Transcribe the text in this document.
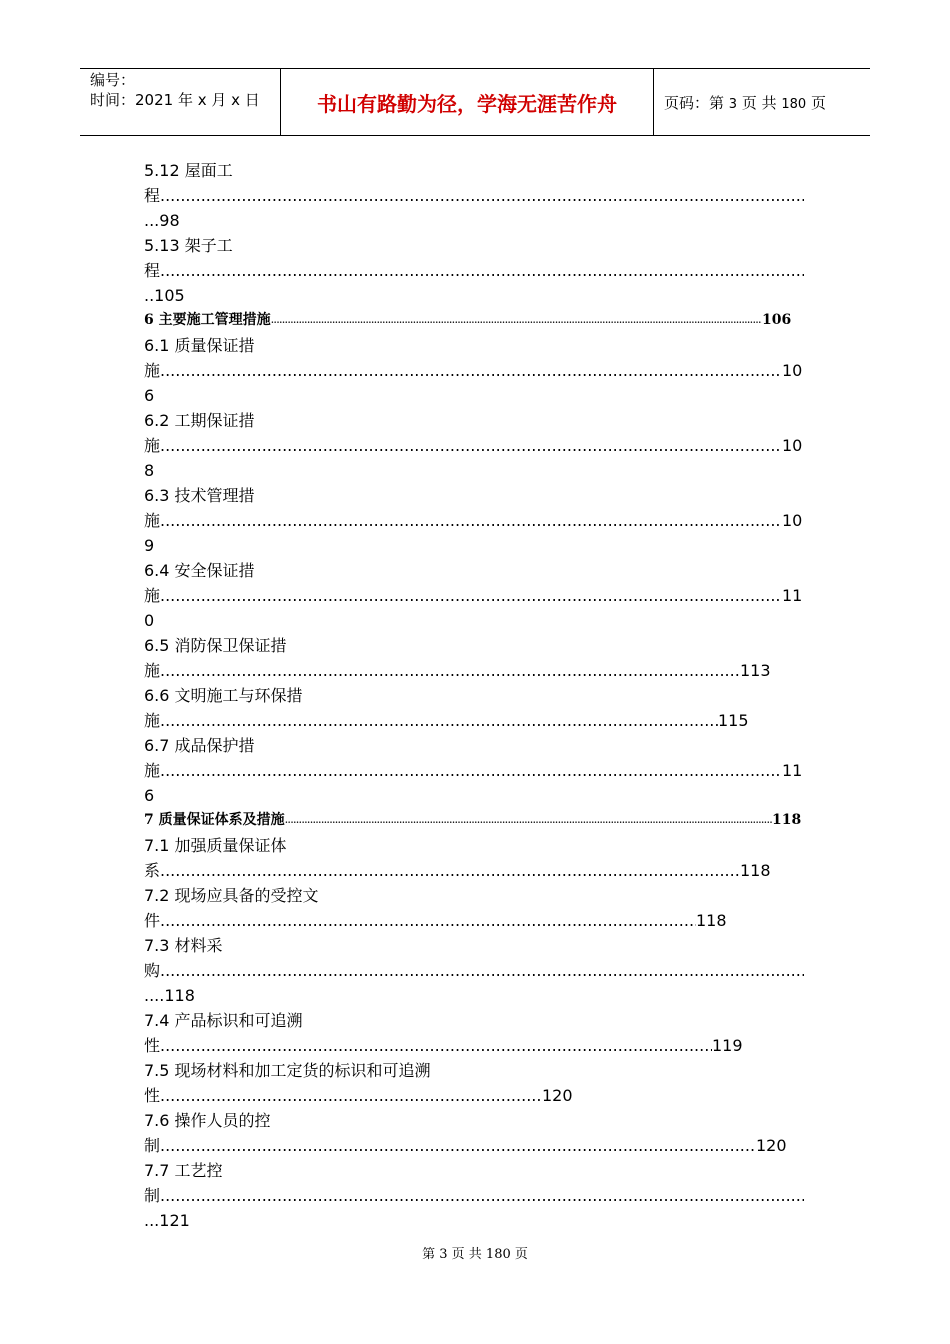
编号：
时间：2021 年 x 月 x 日	书山有路勤为径，学海无涯苦作舟	页码：第 3 页 共 180 页
5.12 屋面工
程
.....
...98
5.13 架子工
程
.....
..105
6 主要施工管理措施 .....	106
6.1 质量保证措
施 .....	10
6
6.2 工期保证措
施 .....	10
8
6.3 技术管理措
施 .....	10
9
6.4 安全保证措
施 .....	11
0
6.5 消防保卫保证措
施 .....	113
6.6 文明施工与环保措
施 .....	115
6.7 成品保护措
施 .....	11
6
7 质量保证体系及措施 .....	118
7.1 加强质量保证体
系 .....	118
7.2 现场应具备的受控文
件 .....	118
7.3 材料采
购
.....
....118
7.4 产品标识和可追溯
性 .....	119
7.5 现场材料和加工定货的标识和可追溯
性 .....	120
7.6 操作人员的控
制 .....	120
7.7 工艺控
制
.....
...121
第 3 页 共 180 页
